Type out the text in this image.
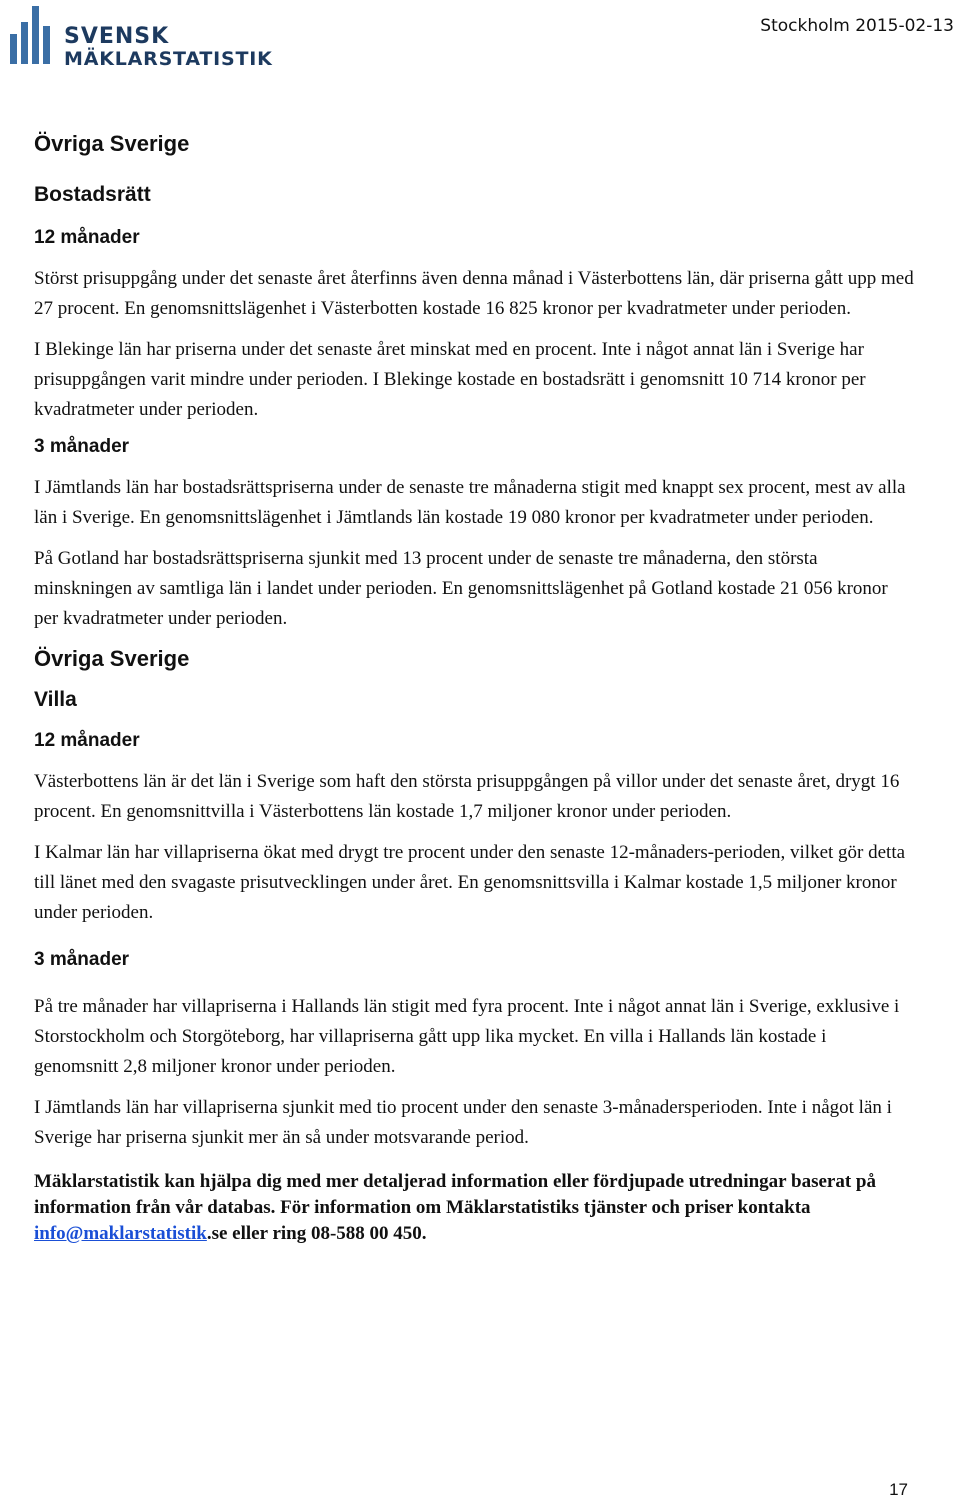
SVENSK
MÄKLARSTATISTIK
Stockholm 2015-02-13
Övriga Sverige
Bostadsrätt
12 månader

Störst prisuppgång under det senaste året återfinns även denna månad i Västerbottens län, där priserna gått upp med 27 procent. En genomsnittslägenhet i Västerbotten kostade 16 825 kronor per kvadratmeter under perioden.

I Blekinge län har priserna under det senaste året minskat med en procent. Inte i något annat län i Sverige har prisuppgången varit mindre under perioden. I Blekinge kostade en bostadsrätt i genomsnitt 10 714 kronor per kvadratmeter under perioden.

3 månader

I Jämtlands län har bostadsrättspriserna under de senaste tre månaderna stigit med knappt sex procent, mest av alla län i Sverige. En genomsnittslägenhet i Jämtlands län kostade 19 080 kronor per kvadratmeter under perioden.

På Gotland har bostadsrättspriserna sjunkit med 13 procent under de senaste tre månaderna, den största minskningen av samtliga län i landet under perioden. En genomsnittslägenhet på Gotland kostade 21 056 kronor per kvadratmeter under perioden.

Övriga Sverige
Villa
12 månader

Västerbottens län är det län i Sverige som haft den största prisuppgången på villor under det senaste året, drygt 16 procent. En genomsnittvilla i Västerbottens län kostade 1,7 miljoner kronor under perioden.

I Kalmar län har villapriserna ökat med drygt tre procent under den senaste 12-månaders-perioden, vilket gör detta till länet med den svagaste prisutvecklingen under året. En genomsnittsvilla i Kalmar kostade 1,5 miljoner kronor under perioden.

3 månader

På tre månader har villapriserna i Hallands län stigit med fyra procent. Inte i något annat län i Sverige, exklusive i Storstockholm och Storgöteborg, har villapriserna gått upp lika mycket. En villa i Hallands län kostade i genomsnitt 2,8 miljoner kronor under perioden.

I Jämtlands län har villapriserna sjunkit med tio procent under den senaste 3-månadersperioden. Inte i något län i Sverige har priserna sjunkit mer än så under motsvarande period.

Mäklarstatistik kan hjälpa dig med mer detaljerad information eller fördjupade utredningar baserat på information från vår databas. För information om Mäklarstatistiks tjänster och priser kontakta info@maklarstatistik.se eller ring 08-588 00 450.

17
